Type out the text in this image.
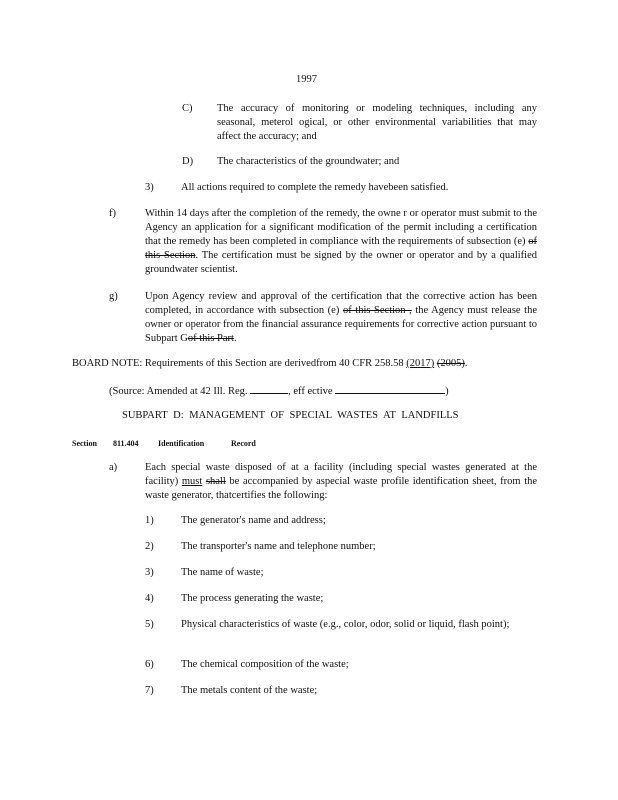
1997
C) The accuracy of monitoring or modeling techniques, including any seasonal, meterol ogical, or other environmental variabilities that may affect the accuracy; and
D) The characteristics of the groundwater; and
3)	All actions required to complete the remedy havebeen satisfied.
f)	Within 14 days after the completion of the remedy, the owne r or operator must submit to the Agency an application for a significant modification of the permit including a certification that the remedy has been completed in compliance with the requirements of subsection (e) of this Section. The certification must be signed by the owner or operator and by a qualified groundwater scientist.
g)	Upon Agency review and approval of the certification that the corrective action has been completed, in accordance with subsection (e) of this Section , the Agency must release the owner or operator from the financial assurance requirements for corrective action pursuant to Subpart Gof this Part.
BOARD NOTE: Requirements of this Section are derivedfrom 40 CFR 258.58 (2017) (2005).
(Source: Amended at 42 Ill. Reg.	, eff ective	)
SUBPART D: MANAGEMENT OF SPECIAL WASTES AT LANDFILLS
Section 811.404 Identification	Record
a)	Each special waste disposed of at a facility (including special wastes generated at the facility) must shall be accompanied by aspecial waste profile identification sheet, from the waste generator, thatcertifies the following:
1)	The generator's name and address;
2)	The transporter's name and telephone number;
3)	The name of waste;
4)	The process generating the waste;
5)	Physical characteristics of waste (e.g., color, odor, solid or liquid, flash point);
6)	The chemical composition of the waste;
7)	The metals content of the waste;
